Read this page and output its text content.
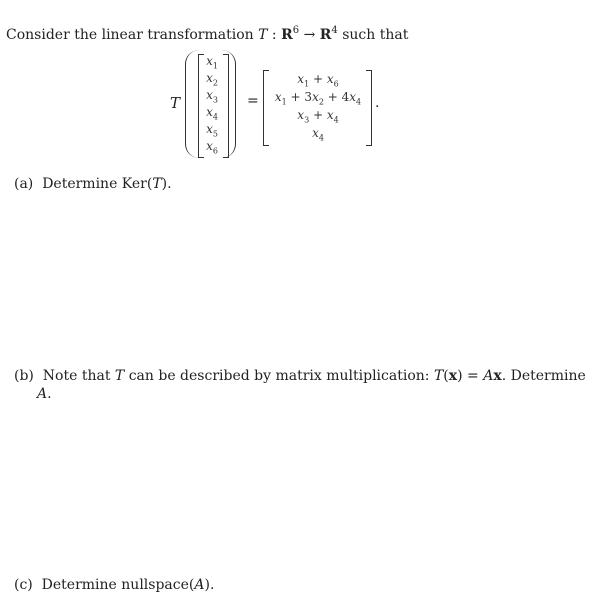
Consider the linear transformation T : $R^6 \to R^4$ such that
T
$x_1$
$x_2$
$x_3$
$x_4$
$x_5$
$x_6$
=
$x_1 + x_6$
$x_1 + 3x_2 + 4x_4$
$x_3 + x_4$
$x_4$
.
(a) Determine Ker(T).
(b) Note that T can be described by matrix multiplication: T(x) = Ax. Determine
A.
(c) Determine nullspace(A).
